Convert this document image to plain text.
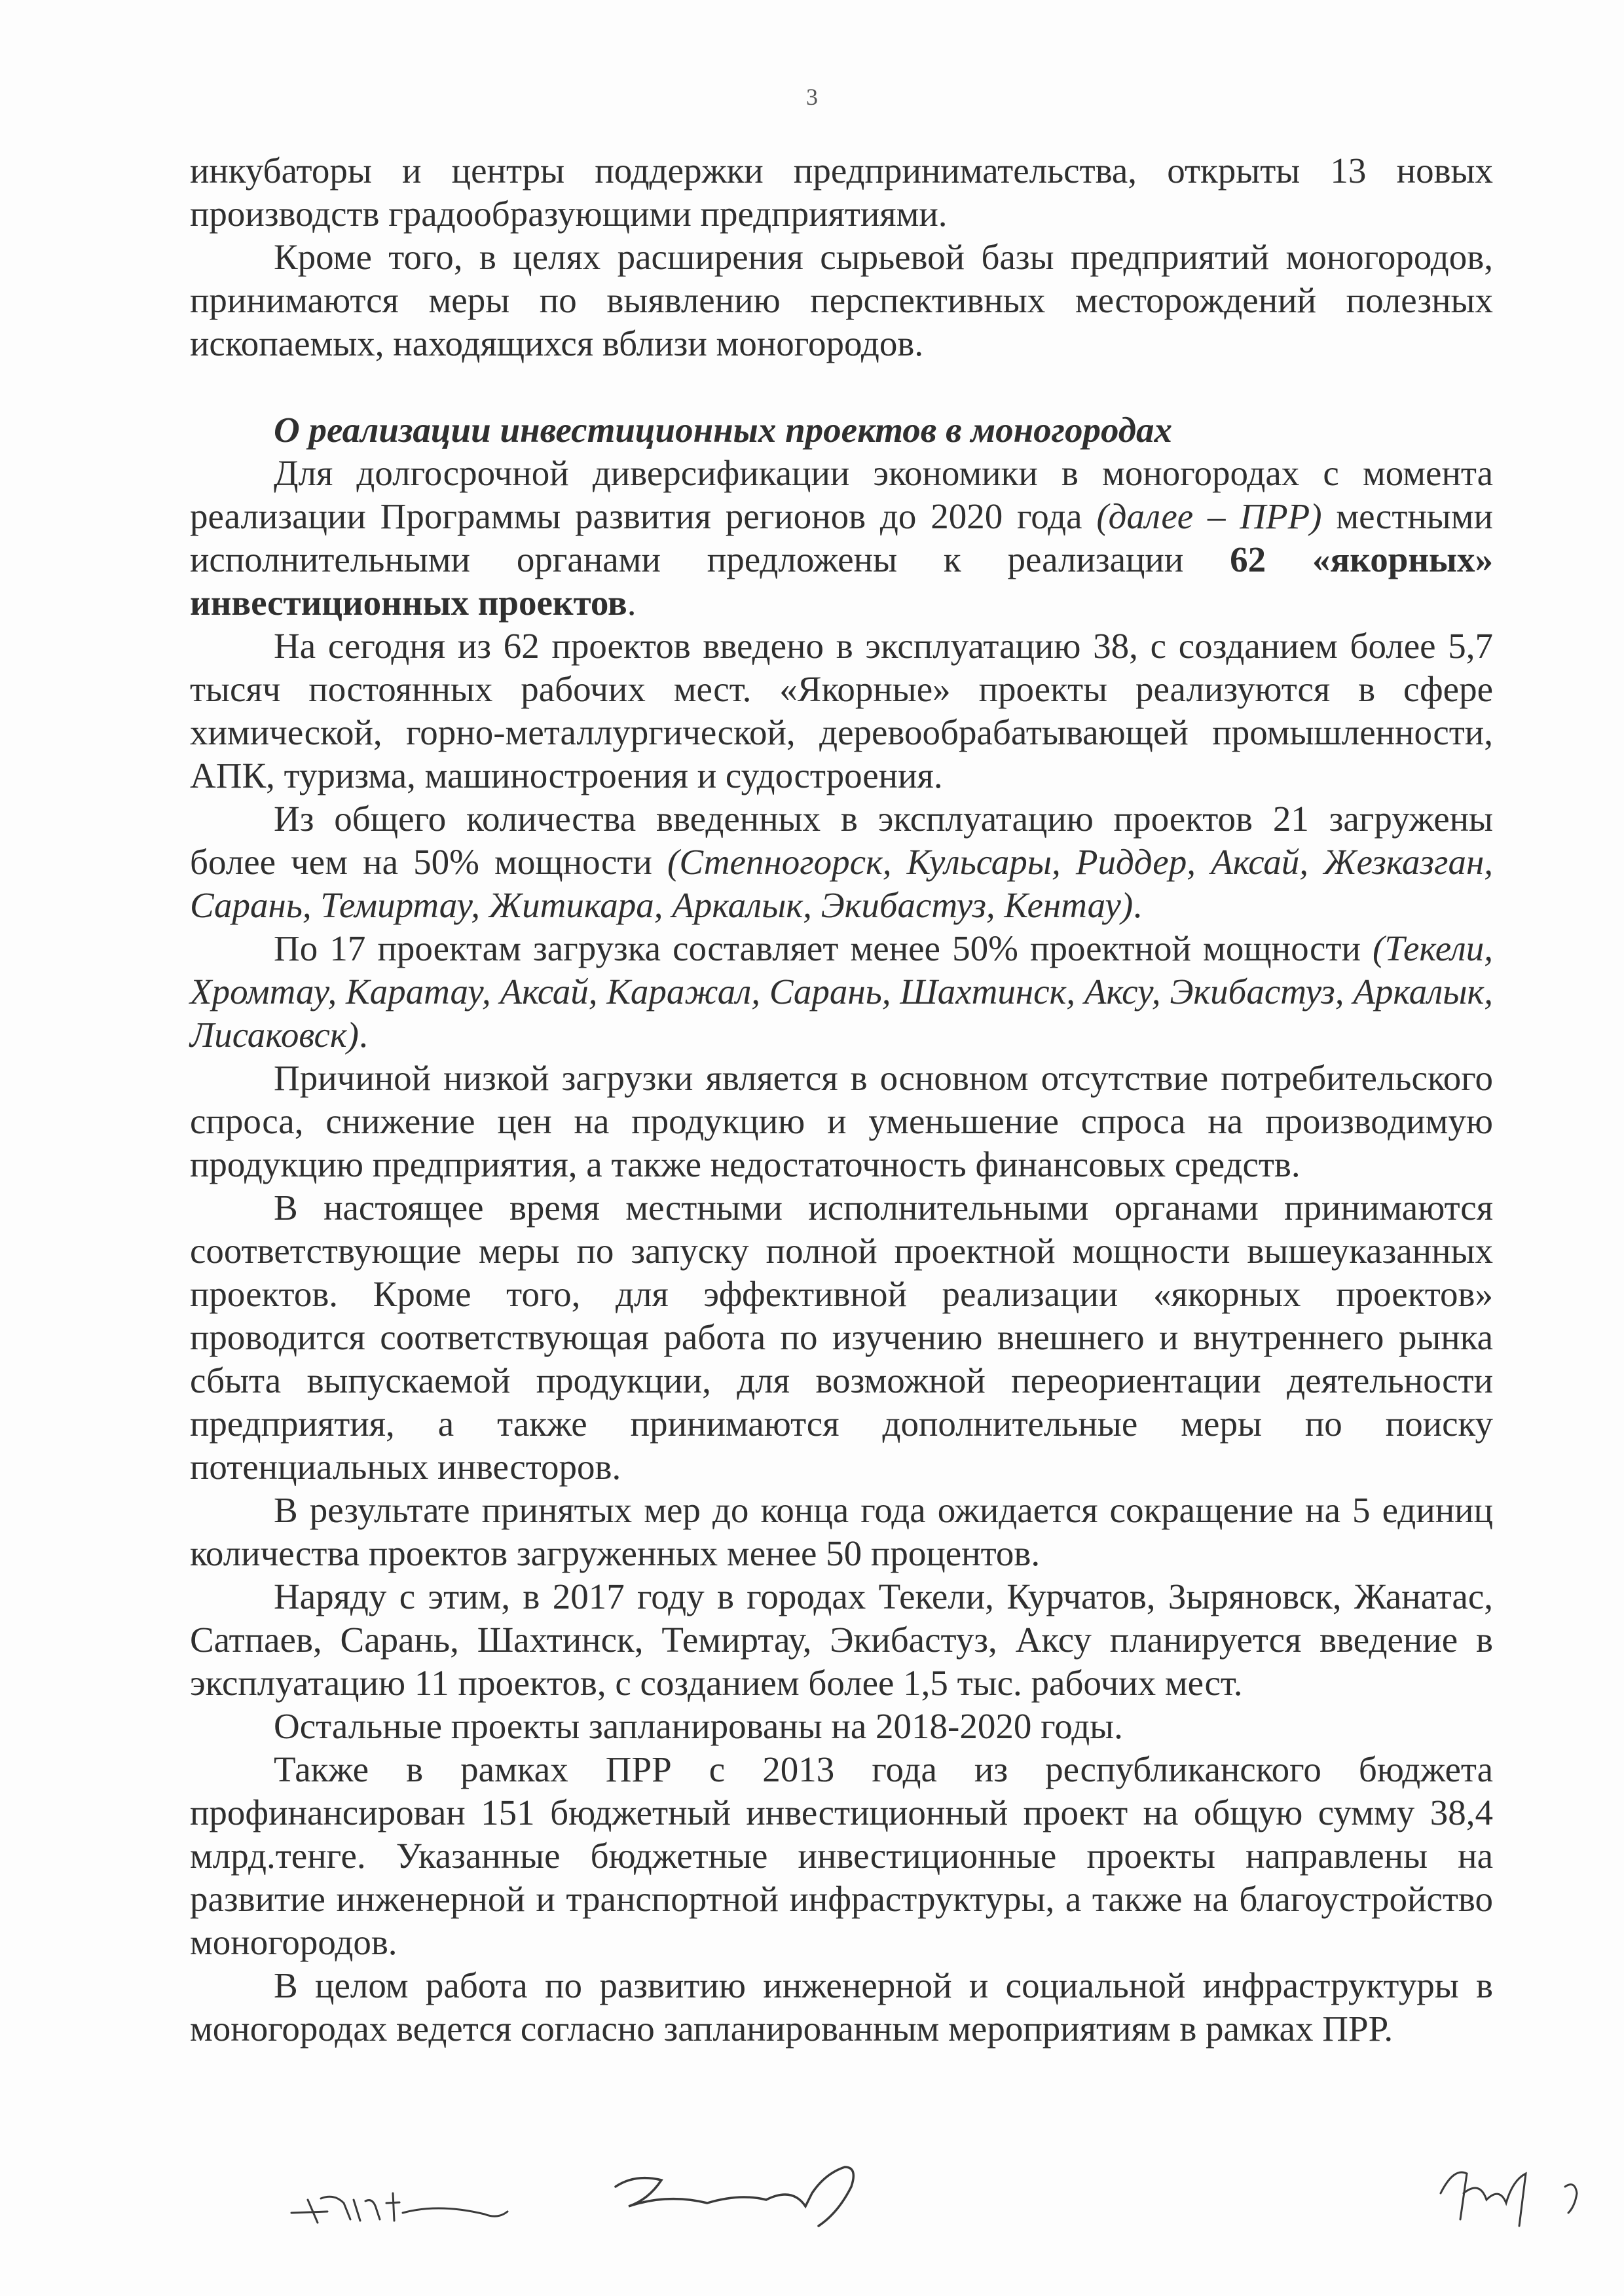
3

инкубаторы и центры поддержки предпринимательства, открыты 13 новых производств градообразующими предприятиями.

Кроме того, в целях расширения сырьевой базы предприятий моногородов, принимаются меры по выявлению перспективных месторождений полезных ископаемых, находящихся вблизи моногородов.

О реализации инвестиционных проектов в моногородах

Для долгосрочной диверсификации экономики в моногородах с момента реализации Программы развития регионов до 2020 года (далее – ПРР) местными исполнительными органами предложены к реализации 62 «якорных» инвестиционных проектов.

На сегодня из 62 проектов введено в эксплуатацию 38, с созданием более 5,7 тысяч постоянных рабочих мест. «Якорные» проекты реализуются в сфере химической, горно-металлургической, деревообрабатывающей промышленности, АПК, туризма, машиностроения и судостроения.

Из общего количества введенных в эксплуатацию проектов 21 загружены более чем на 50% мощности (Степногорск, Кульсары, Риддер, Аксай, Жезказган, Сарань, Темиртау, Житикара, Аркалык, Экибастуз, Кентау).

По 17 проектам загрузка составляет менее 50% проектной мощности (Текели, Хромтау, Каратау, Аксай, Каражал, Сарань, Шахтинск, Аксу, Экибастуз, Аркалык, Лисаковск).

Причиной низкой загрузки является в основном отсутствие потребительского спроса, снижение цен на продукцию и уменьшение спроса на производимую продукцию предприятия, а также недостаточность финансовых средств.

В настоящее время местными исполнительными органами принимаются соответствующие меры по запуску полной проектной мощности вышеуказанных проектов. Кроме того, для эффективной реализации «якорных проектов» проводится соответствующая работа по изучению внешнего и внутреннего рынка сбыта выпускаемой продукции, для возможной переориентации деятельности предприятия, а также принимаются дополнительные меры по поиску потенциальных инвесторов.

В результате принятых мер до конца года ожидается сокращение на 5 единиц количества проектов загруженных менее 50 процентов.

Наряду с этим, в 2017 году в городах Текели, Курчатов, Зыряновск, Жанатас, Сатпаев, Сарань, Шахтинск, Темиртау, Экибастуз, Аксу планируется введение в эксплуатацию 11 проектов, с созданием более 1,5 тыс. рабочих мест.

Остальные проекты запланированы на 2018-2020 годы.

Также в рамках ПРР с 2013 года из республиканского бюджета профинансирован 151 бюджетный инвестиционный проект на общую сумму 38,4 млрд.тенге. Указанные бюджетные инвестиционные проекты направлены на развитие инженерной и транспортной инфраструктуры, а также на благоустройство моногородов.

В целом работа по развитию инженерной и социальной инфраструктуры в моногородах ведется согласно запланированным мероприятиям в рамках ПРР.
